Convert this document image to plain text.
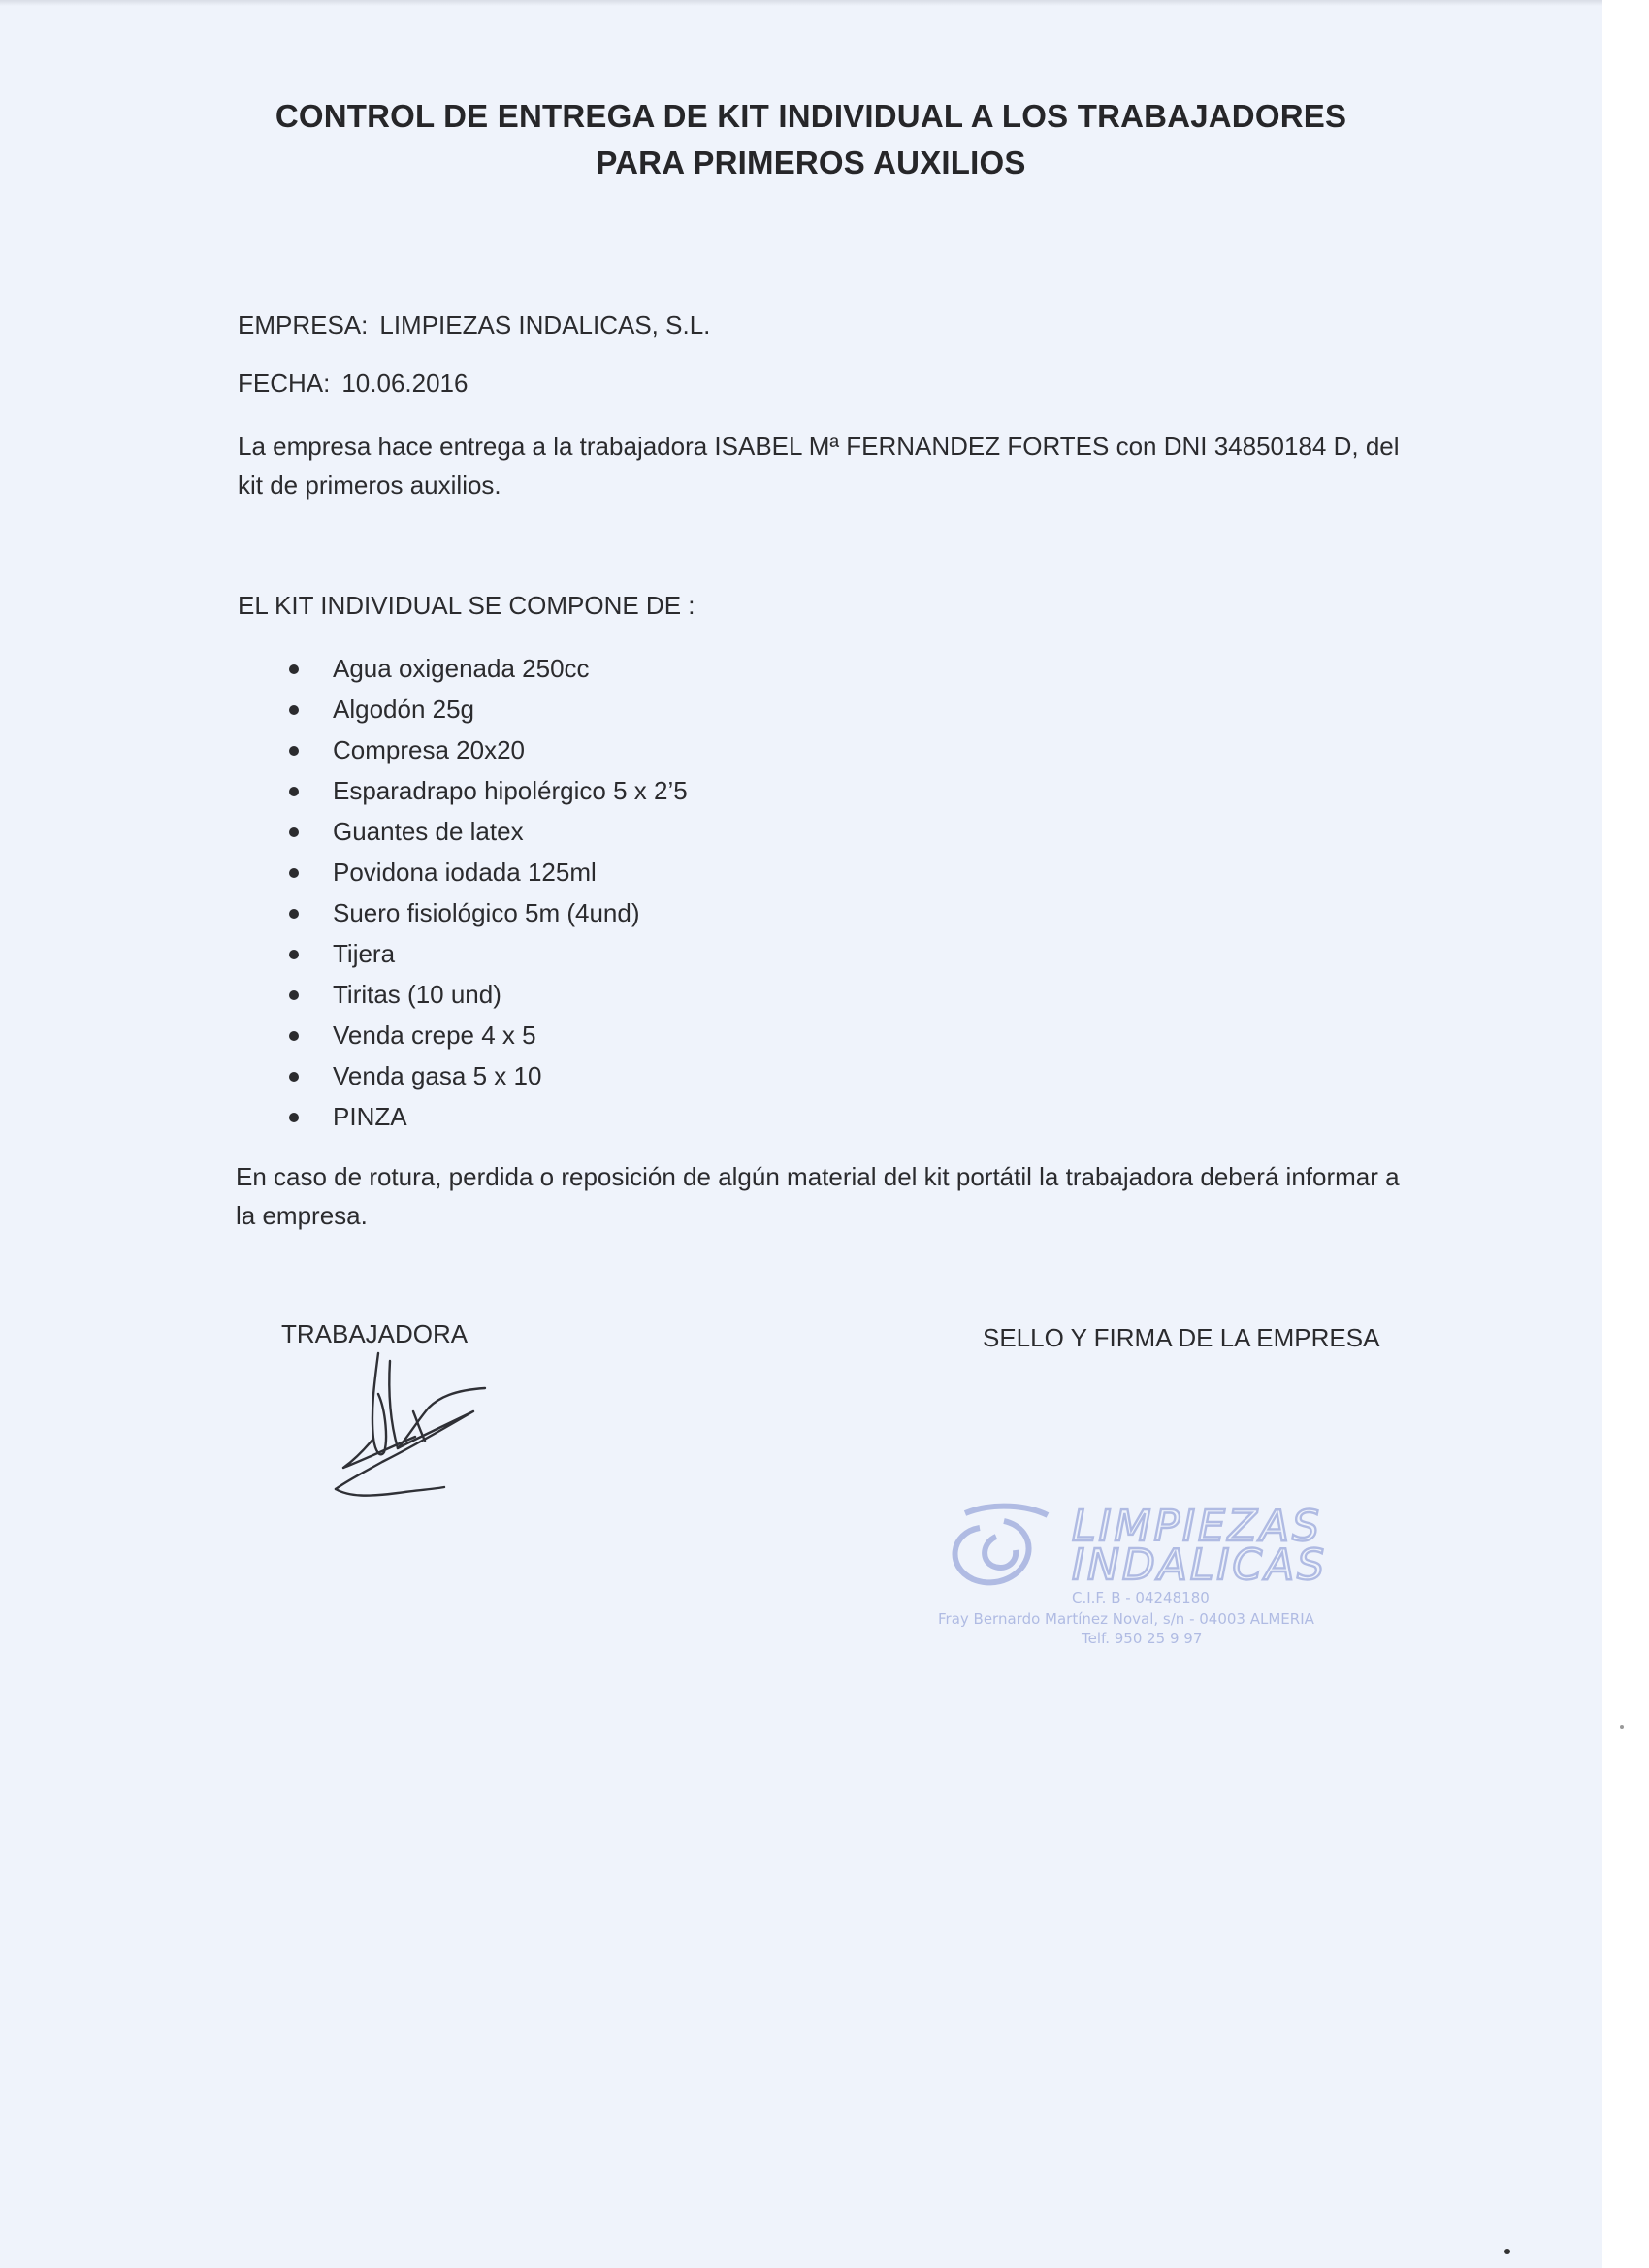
CONTROL DE ENTREGA DE KIT INDIVIDUAL A LOS TRABAJADORES
PARA PRIMEROS AUXILIOS

EMPRESA: LIMPIEZAS INDALICAS, S.L.

FECHA: 10.06.2016

La empresa hace entrega a la trabajadora ISABEL Mª FERNANDEZ FORTES con DNI 34850184 D, del kit de primeros auxilios.

EL KIT INDIVIDUAL SE COMPONE DE :

Agua oxigenada 250cc
Algodón 25g
Compresa 20x20
Esparadrapo hipolérgico 5 x 2’5
Guantes de latex
Povidona iodada 125ml
Suero fisiológico 5m (4und)
Tijera
Tiritas (10 und)
Venda crepe 4 x 5
Venda gasa 5 x 10
PINZA

En caso de rotura, perdida o reposición de algún material del kit portátil la trabajadora deberá informar a la empresa.

TRABAJADORA	SELLO Y FIRMA DE LA EMPRESA

LIMPIEZAS
INDALICAS
C.I.F. B - 04248180
Fray Bernardo Martínez Noval, s/n - 04003 ALMERIA
Telf. 950 25 9 97
